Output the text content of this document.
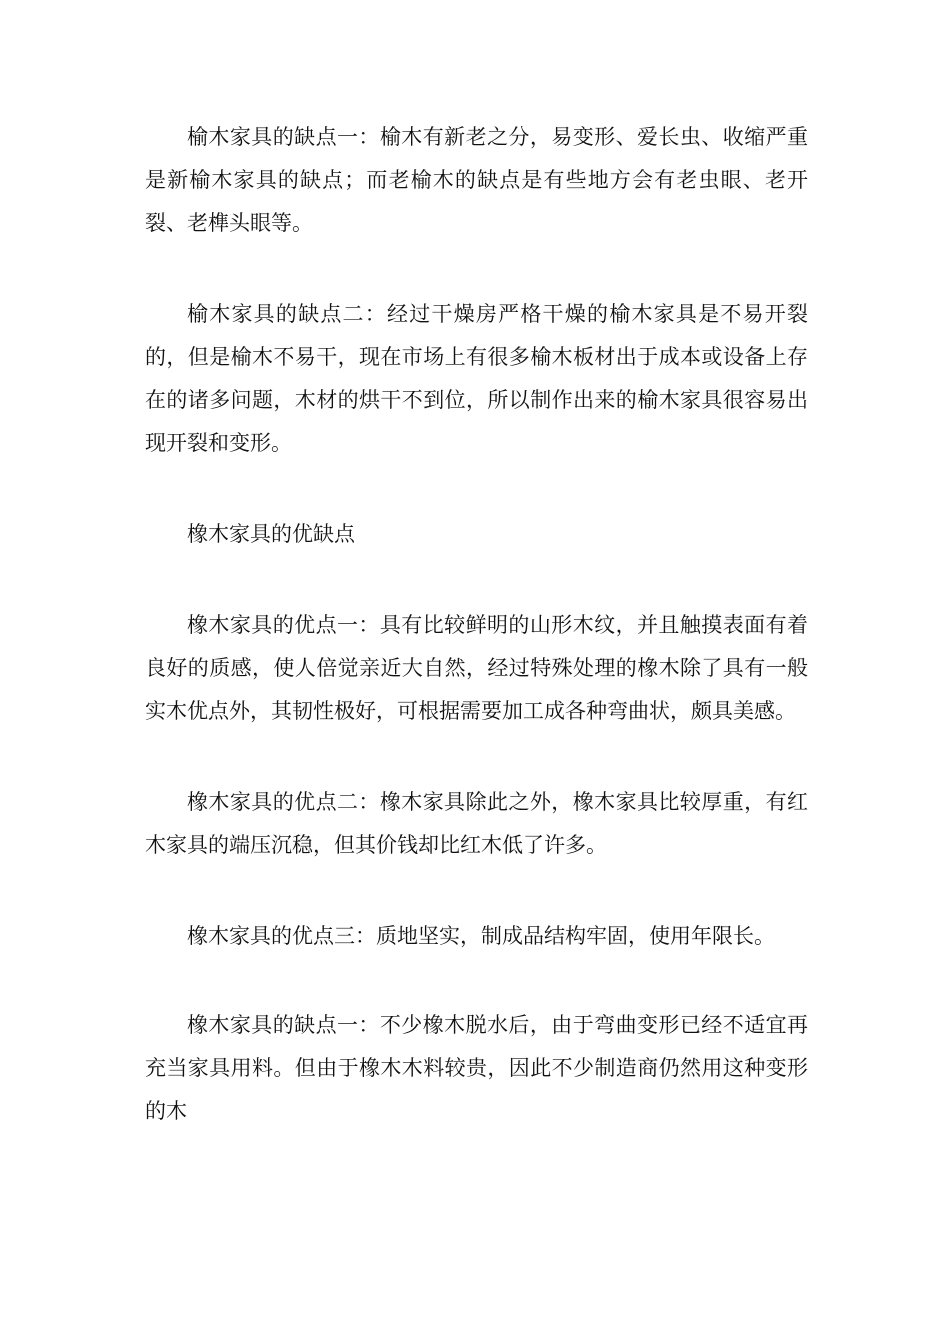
榆木家具的缺点一：榆木有新老之分，易变形、爱长虫、收缩严重是新榆木家具的缺点；而老榆木的缺点是有些地方会有老虫眼、老开裂、老榫头眼等。

榆木家具的缺点二：经过干燥房严格干燥的榆木家具是不易开裂的，但是榆木不易干，现在市场上有很多榆木板材出于成本或设备上存在的诸多问题，木材的烘干不到位，所以制作出来的榆木家具很容易出现开裂和变形。

橡木家具的优缺点

橡木家具的优点一：具有比较鲜明的山形木纹，并且触摸表面有着良好的质感，使人倍觉亲近大自然，经过特殊处理的橡木除了具有一般实木优点外，其韧性极好，可根据需要加工成各种弯曲状，颇具美感。

橡木家具的优点二：橡木家具除此之外，橡木家具比较厚重，有红木家具的端压沉稳，但其价钱却比红木低了许多。

橡木家具的优点三：质地坚实，制成品结构牢固，使用年限长。

橡木家具的缺点一：不少橡木脱水后，由于弯曲变形已经不适宜再充当家具用料。但由于橡木木料较贵，因此不少制造商仍然用这种变形的木
